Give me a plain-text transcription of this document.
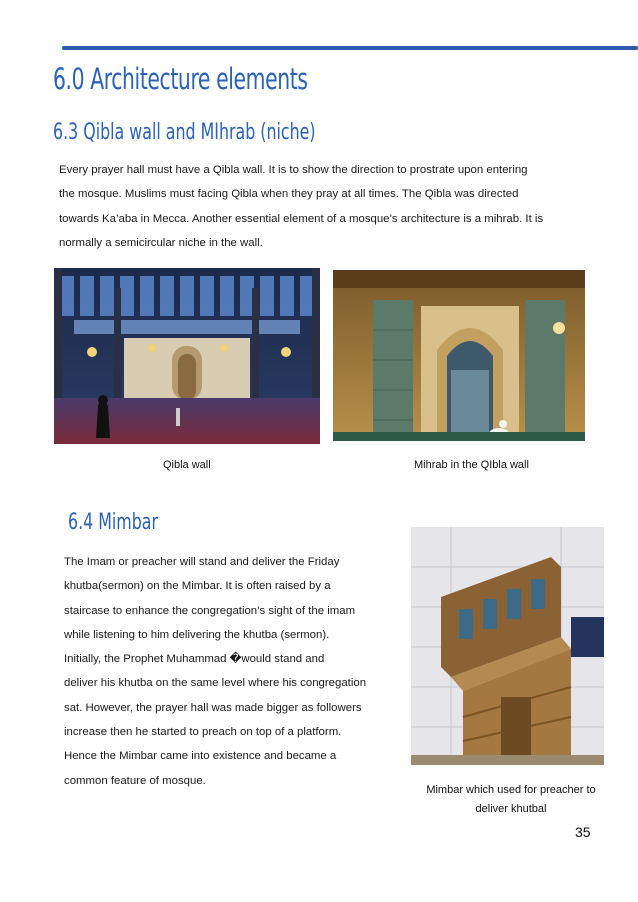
6.0 Architecture elements
6.3 Qibla wall and MIhrab (niche)
Every prayer hall must have a Qibla wall. It is to show the direction to prostrate upon entering
the mosque. Muslims must facing Qibla when they pray at all times. The Qibla was directed
towards Ka’aba in Mecca. Another essential element of a mosque’s architecture is a mihrab. It is
normally a semicircular niche in the wall.
Qibla wall	Mihrab in the QIbla wall
6.4 Mimbar
The Imam or preacher will stand and deliver the Friday
khutba(sermon) on the Mimbar. It is often raised by a
staircase to enhance the congregation’s sight of the imam
while listening to him delivering the khutba (sermon).
Initially, the Prophet Muhammad �would stand and
deliver his khutba on the same level where his congregation
sat. However, the prayer hall was made bigger as followers
increase then he started to preach on top of a platform.
Hence the Mimbar came into existence and became a
common feature of mosque.
Mimbar which used for preacher to
deliver khutbal
35
